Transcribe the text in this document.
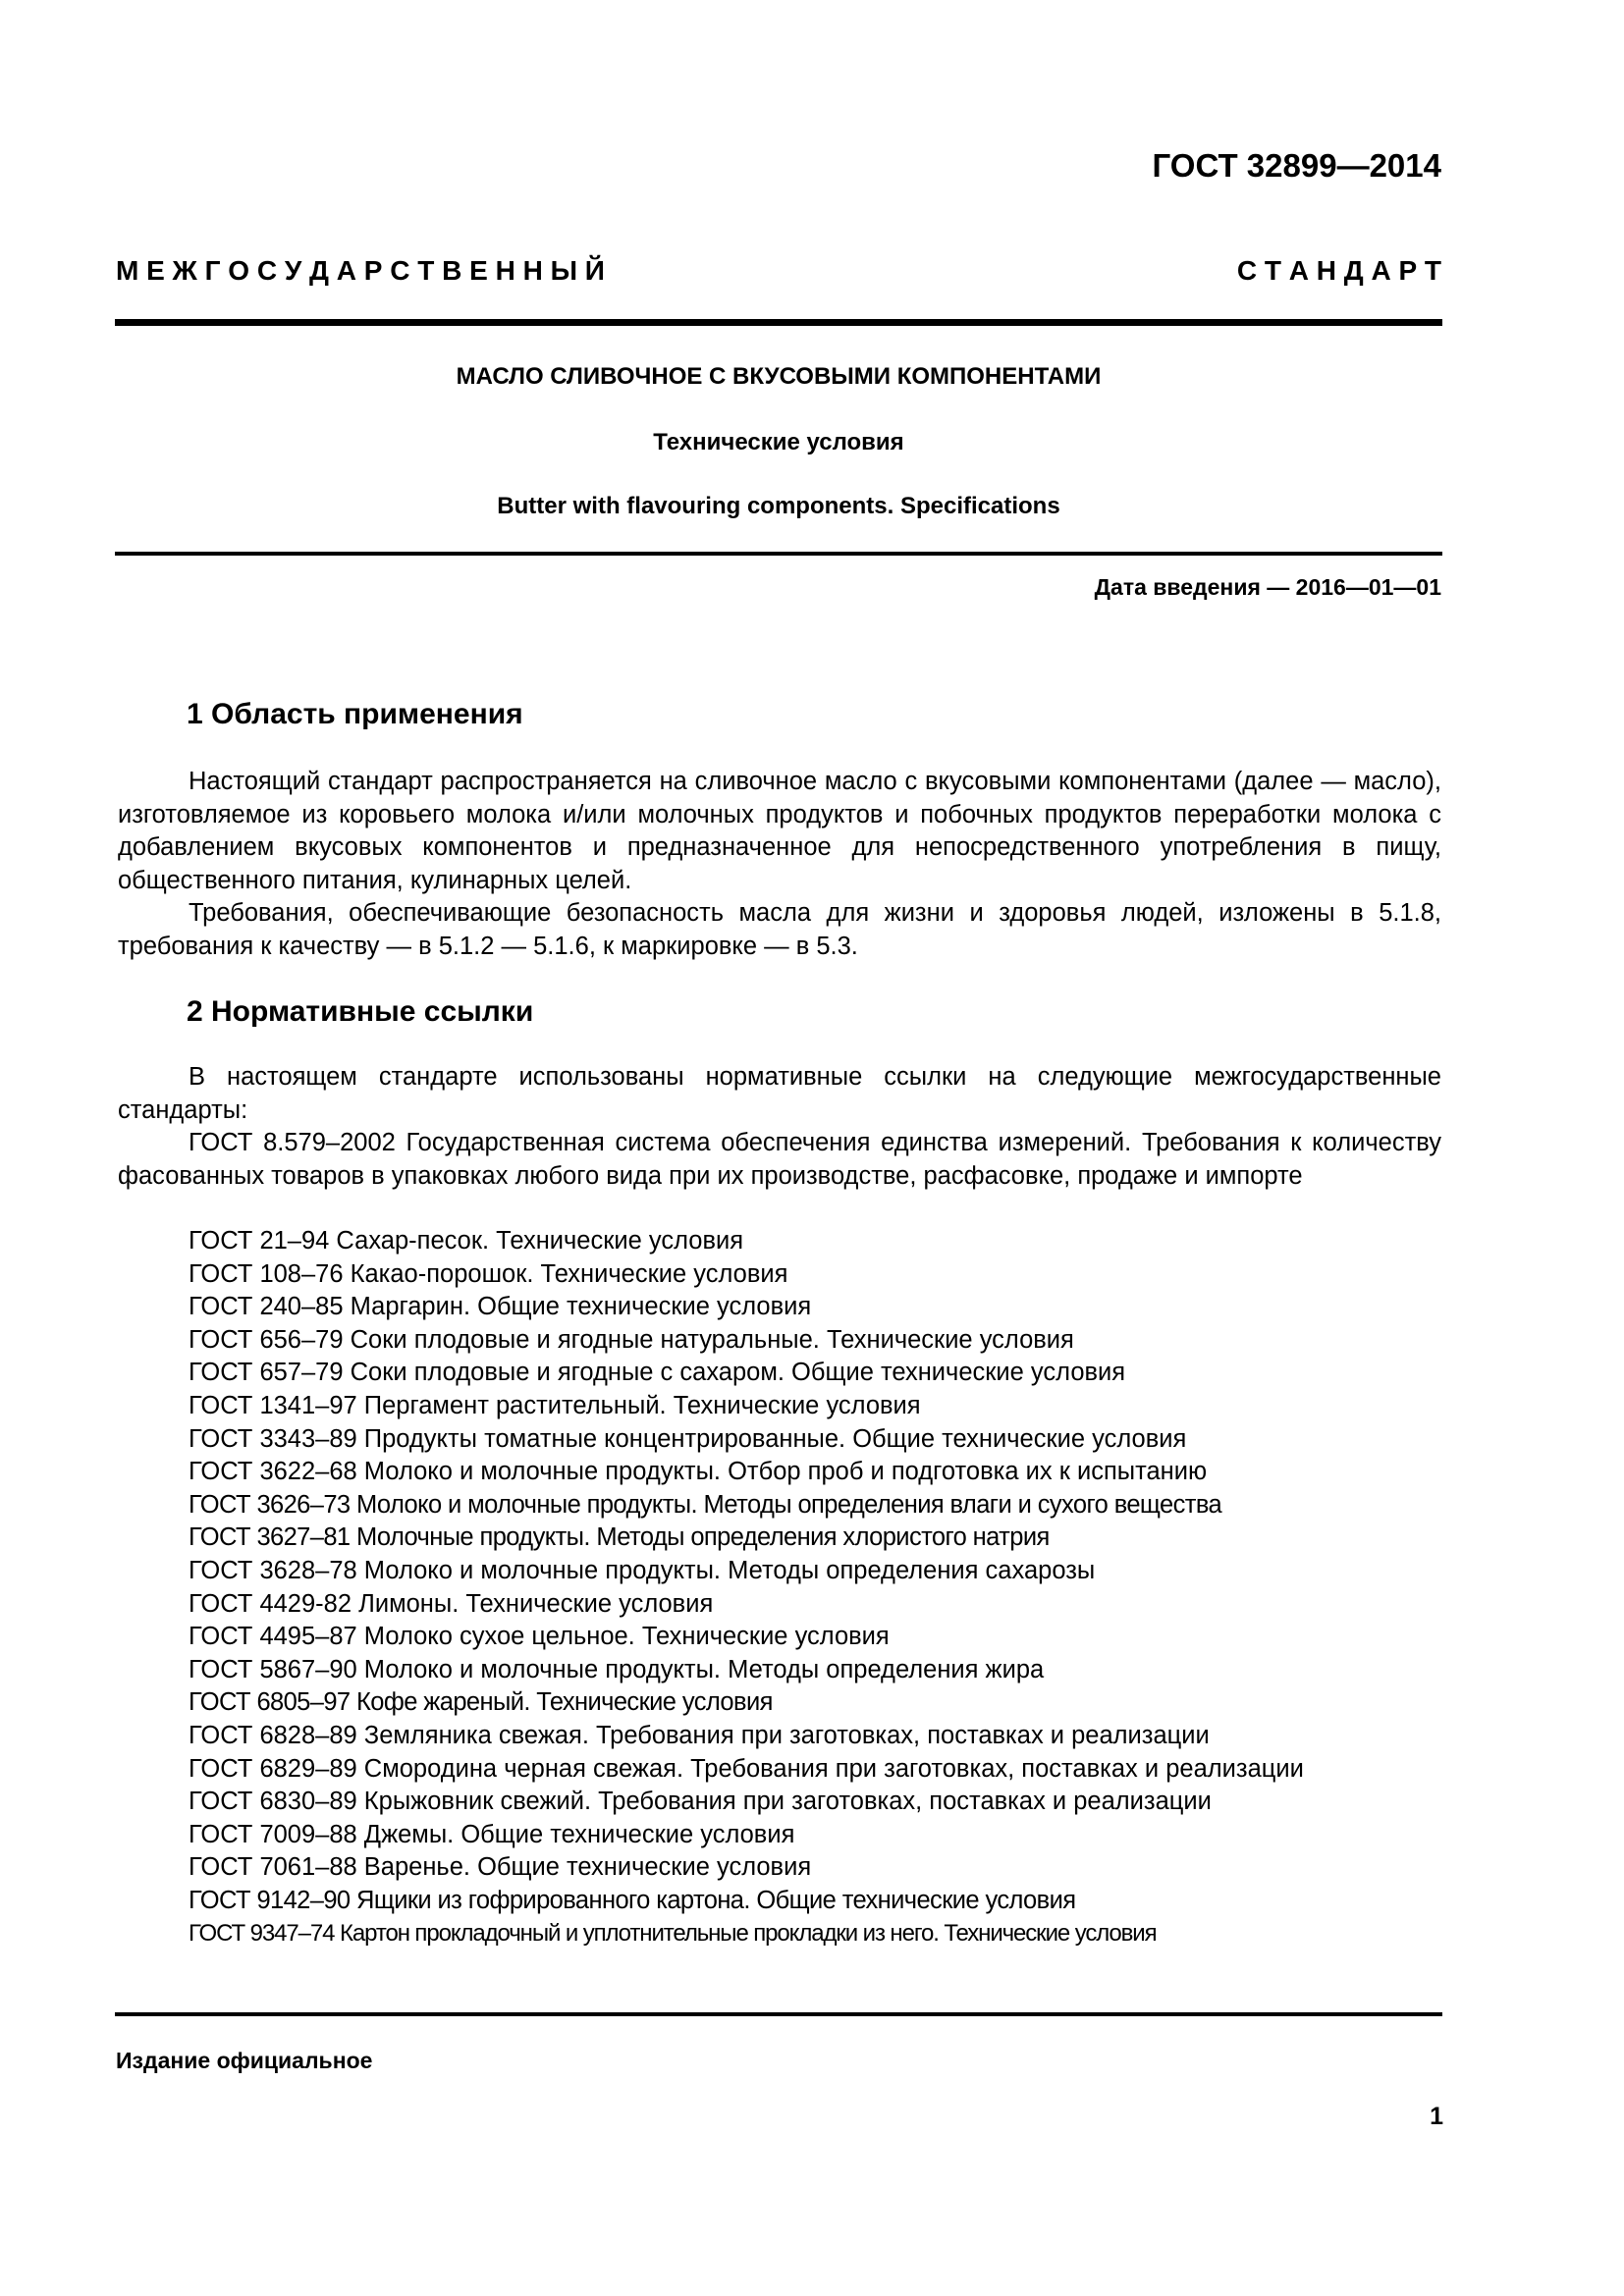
ГОСТ 32899—2014
М Е Ж Г О С У Д А Р С Т В Е Н Н Ы Й	С Т А Н Д А Р Т
МАСЛО СЛИВОЧНОЕ С ВКУСОВЫМИ КОМПОНЕНТАМИ
Технические условия
Butter with flavouring components. Specifications
Дата введения — 2016—01—01
1 Область применения

Настоящий стандарт распространяется на сливочное масло с вкусовыми компонентами (далее — масло), изготовляемое из коровьего молока и/или молочных продуктов и побочных продуктов переработки молока с добавлением вкусовых компонентов и предназначенное для непосредственного употребления в пищу, общественного питания, кулинарных целей.

Требования, обеспечивающие безопасность масла для жизни и здоровья людей, изложены в 5.1.8, требования к качеству — в 5.1.2 — 5.1.6, к маркировке — в 5.3.

2 Нормативные ссылки

В настоящем стандарте использованы нормативные ссылки на следующие межгосударственные стандарты:

ГОСТ 8.579–2002 Государственная система обеспечения единства измерений. Требования к количеству фасованных товаров в упаковках любого вида при их производстве, расфасовке, продаже и импорте

ГОСТ 21–94 Сахар-песок. Технические условия
ГОСТ 108–76 Какао-порошок. Технические условия
ГОСТ 240–85 Маргарин. Общие технические условия
ГОСТ 656–79 Соки плодовые и ягодные натуральные. Технические условия
ГОСТ 657–79 Соки плодовые и ягодные с сахаром. Общие технические условия
ГОСТ 1341–97 Пергамент растительный. Технические условия
ГОСТ 3343–89 Продукты томатные концентрированные. Общие технические условия
ГОСТ 3622–68 Молоко и молочные продукты. Отбор проб и подготовка их к испытанию
ГОСТ 3626–73 Молоко и молочные продукты. Методы определения влаги и сухого вещества
ГОСТ 3627–81 Молочные продукты. Методы определения хлористого натрия
ГОСТ 3628–78 Молоко и молочные продукты. Методы определения сахарозы
ГОСТ 4429-82 Лимоны. Технические условия
ГОСТ 4495–87 Молоко сухое цельное. Технические условия
ГОСТ 5867–90 Молоко и молочные продукты. Методы определения жира
ГОСТ 6805–97 Кофе жареный. Технические условия
ГОСТ 6828–89 Земляника свежая. Требования при заготовках, поставках и реализации
ГОСТ 6829–89 Смородина черная свежая. Требования при заготовках, поставках и реализации
ГОСТ 6830–89 Крыжовник свежий. Требования при заготовках, поставках и реализации
ГОСТ 7009–88 Джемы. Общие технические условия
ГОСТ 7061–88 Варенье. Общие технические условия
ГОСТ 9142–90 Ящики из гофрированного картона. Общие технические условия
ГОСТ 9347–74 Картон прокладочный и уплотнительные прокладки из него. Технические условия
Издание официальное
1
